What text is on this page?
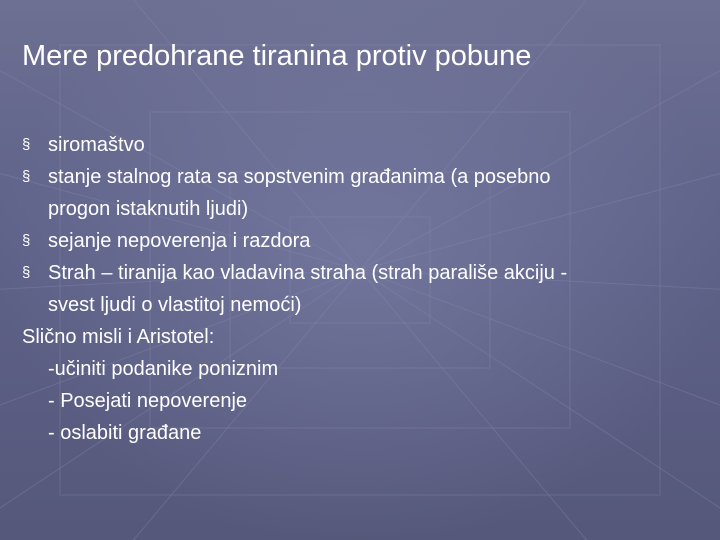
Mere predohrane tiranina protiv pobune
§ siromaštvo
§ stanje stalnog rata sa sopstvenim građanima (a posebno
progon istaknutih ljudi)
§ sejanje nepoverenja i razdora
§ Strah – tiranija kao vladavina straha (strah parališe akciju -
svest ljudi o vlastitoj nemoći)
Slično misli i Aristotel:
-učiniti podanike poniznim
- Posejati nepoverenje
- oslabiti građane
